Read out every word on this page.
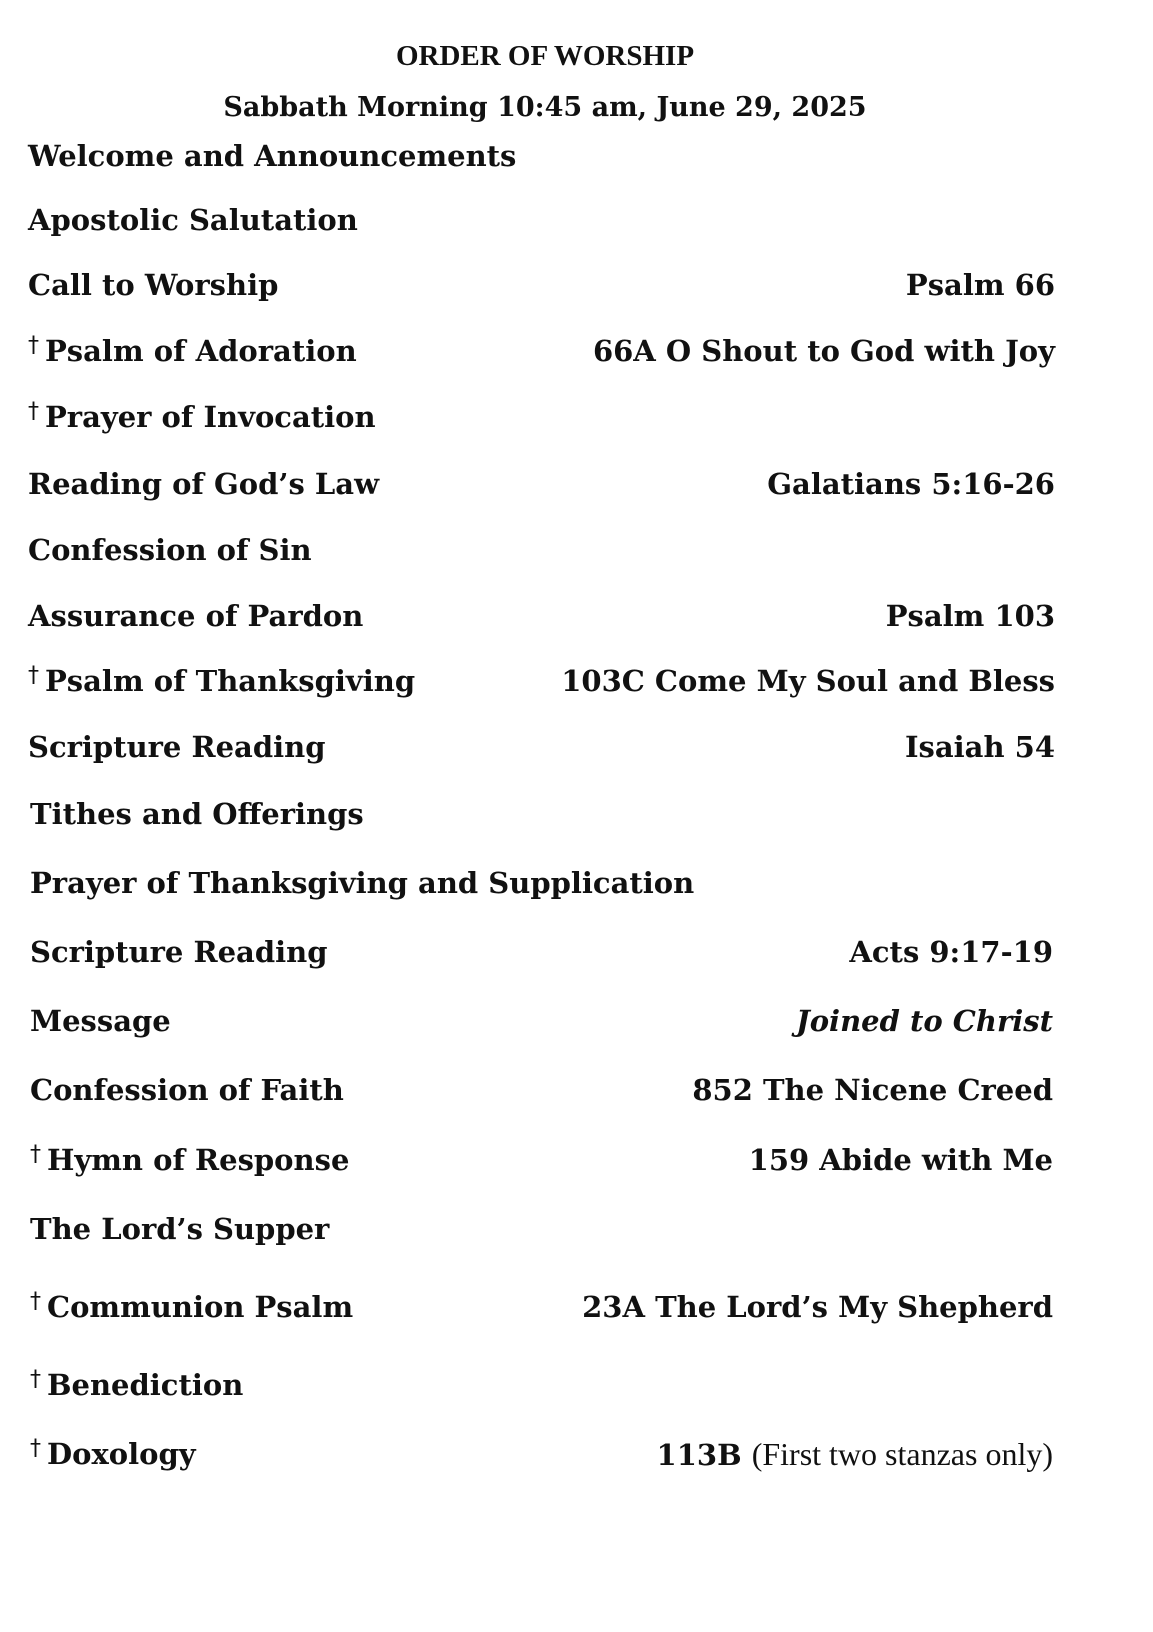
ORDER OF WORSHIP
Sabbath Morning 10:45 am, June 29, 2025
Welcome and Announcements
Apostolic Salutation
Call to Worship	Psalm 66
† Psalm of Adoration	66A O Shout to God with Joy
† Prayer of Invocation
Reading of God’s Law	Galatians 5:16-26
Confession of Sin
Assurance of Pardon	Psalm 103
† Psalm of Thanksgiving	103C Come My Soul and Bless
Scripture Reading	Isaiah 54
Tithes and Offerings
Prayer of Thanksgiving and Supplication
Scripture Reading	Acts 9:17-19
Message	Joined to Christ
Confession of Faith	852 The Nicene Creed
† Hymn of Response	159 Abide with Me
The Lord’s Supper
† Communion Psalm	23A The Lord’s My Shepherd
† Benediction
† Doxology	113B (First two stanzas only)
